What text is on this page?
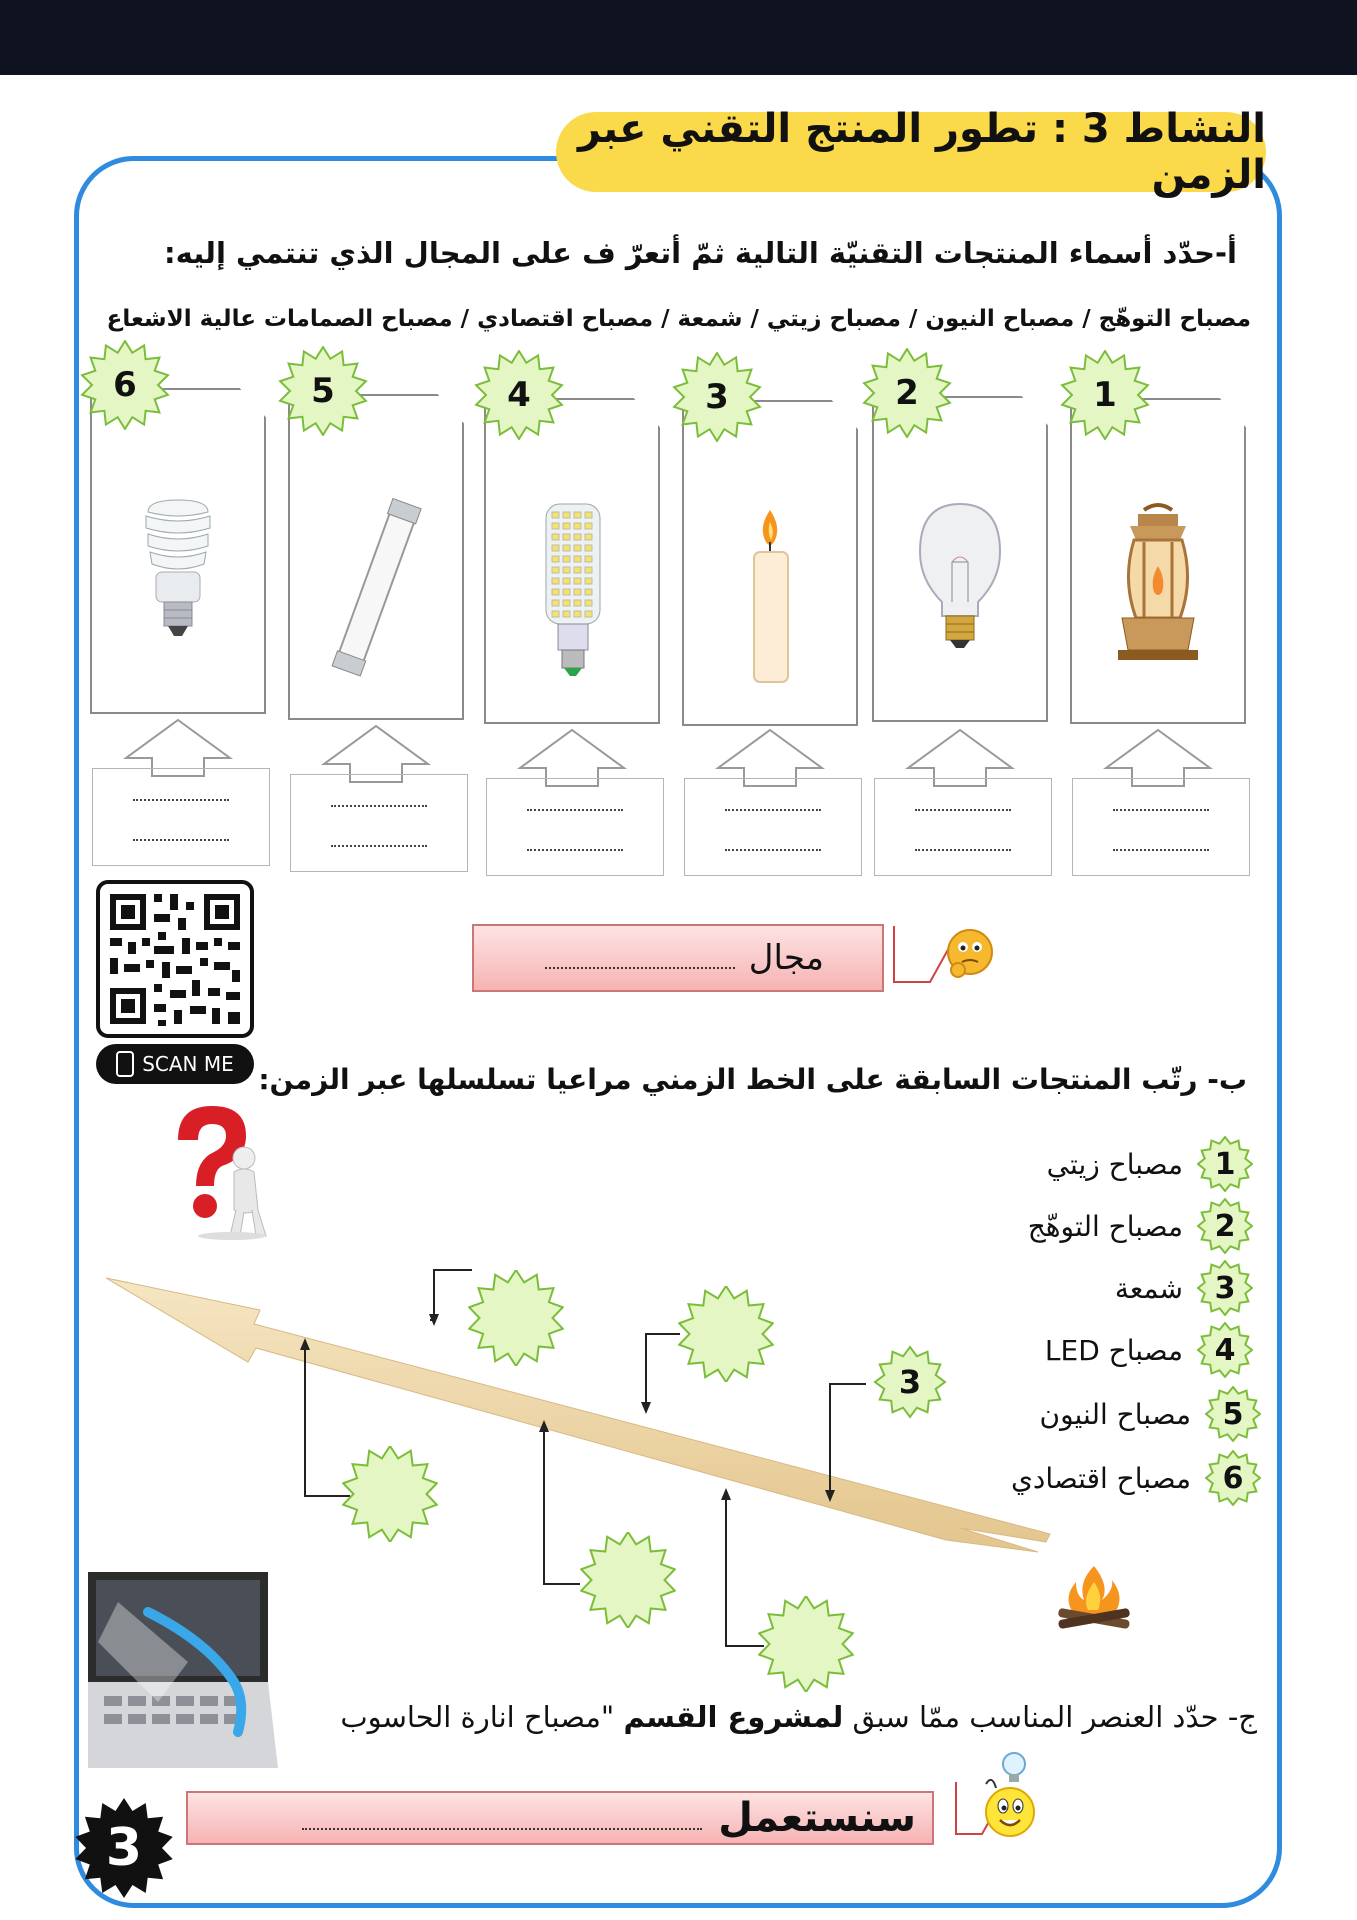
النشاط 3 : تطور المنتج التقني عبر الزمن
أ-حدّد أسماء المنتجات التقنيّة التالية ثمّ أتعرّ ف على المجال الذي تنتمي إليه:
مصباح التوهّج / مصباح النيون / مصباح زيتي / شمعة / مصباح اقتصادي / مصباح الصمامات عالية الاشعاع
6	5	4	3	2	1
مجال
SCAN ME ب- رتّب المنتجات السابقة على الخط الزمني مراعيا تسلسلها عبر الزمن:
1
مصباح زيتي
2
مصباح التوهّج
3
شمعة
4
مصباح LED
5
مصباح النيون
6
مصباح اقتصادي
3
ج- حدّد العنصر المناسب ممّا سبق لمشروع القسم "مصباح انارة الحاسوب
سنستعمل
3
